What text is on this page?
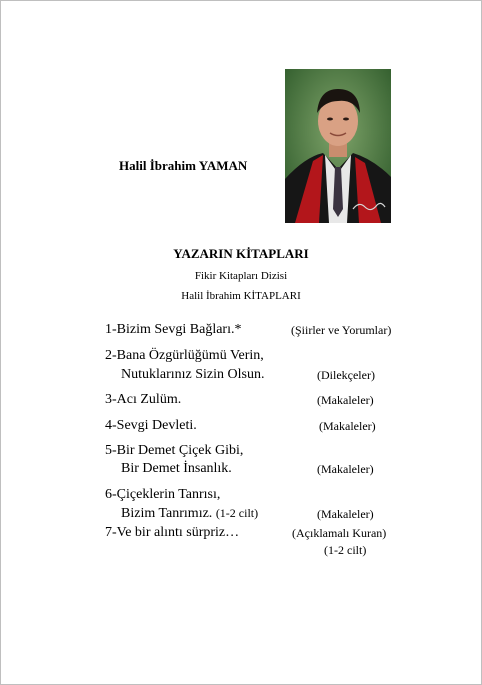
Halil İbrahim YAMAN
YAZARIN KİTAPLARI
Fikir Kitapları Dizisi
Halil İbrahim KİTAPLARI
1-Bizim Sevgi Bağları.*	(Şiirler ve Yorumlar)
2-Bana Özgürlüğümü Verin,
Nutuklarınız Sizin Olsun.	(Dilekçeler)
3-Acı Zulüm.	(Makaleler)
4-Sevgi Devleti.	(Makaleler)
5-Bir Demet Çiçek Gibi,
Bir Demet İnsanlık.	(Makaleler)
6-Çiçeklerin Tanrısı,
Bizim Tanrımız. (1-2 cilt)	(Makaleler)
7-Ve bir alıntı sürpriz…	(Açıklamalı Kuran)
(1-2 cilt)
